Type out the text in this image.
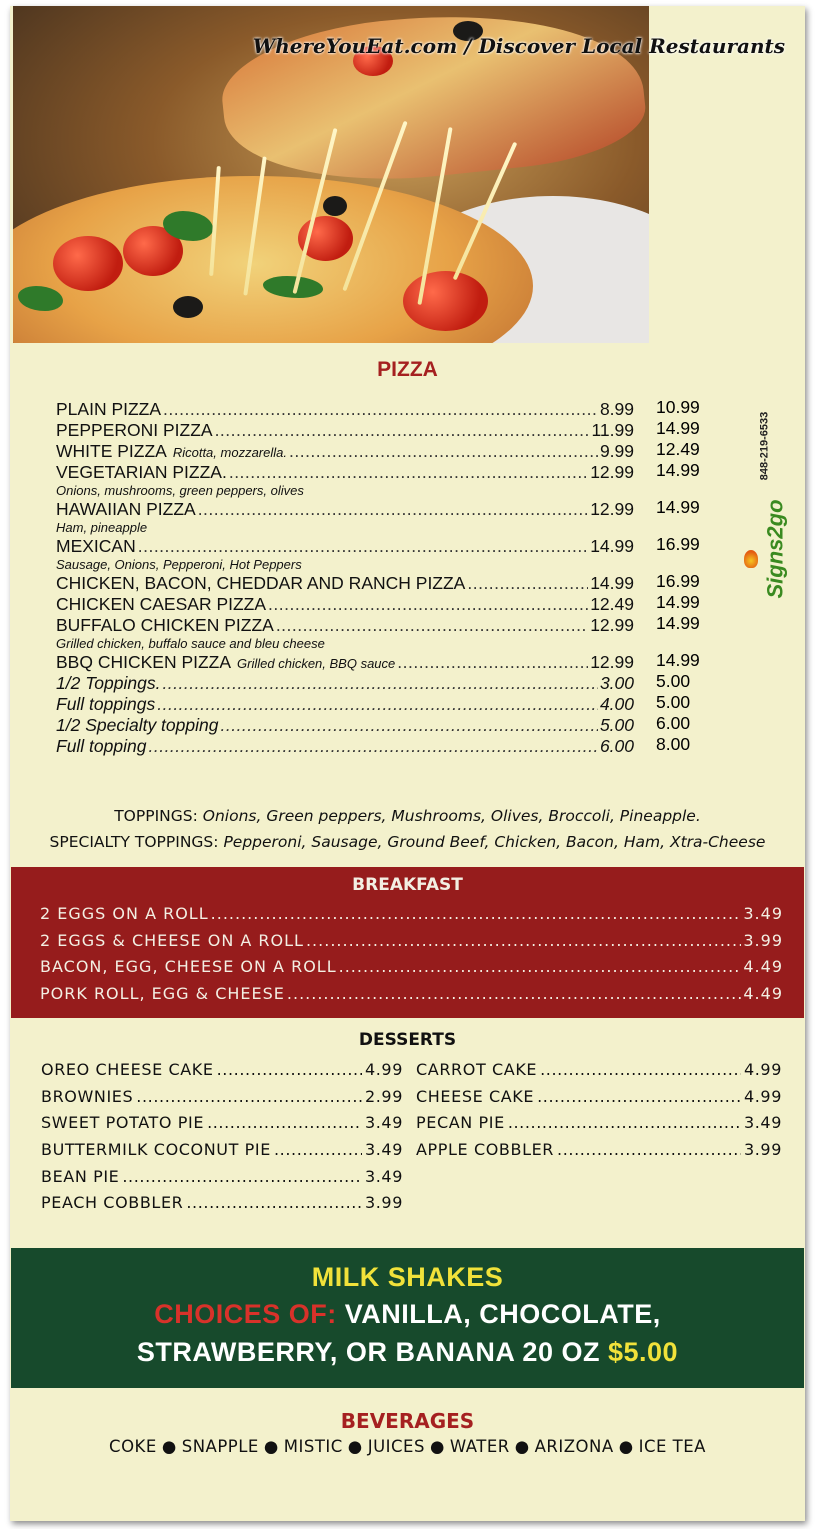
WhereYouEat.com / Discover Local Restaurants
PIZZA
PLAIN PIZZA .....	8.99 10.99
PEPPERONI PIZZA .....	11.99 14.99
WHITE PIZZA Ricotta, mozzarella. .....	9.99 12.49
VEGETARIAN PIZZA. .....	12.99 14.99
Onions, mushrooms, green peppers, olives
HAWAIIAN PIZZA .....	12.99 14.99
Ham, pineapple
MEXICAN .....	14.99 16.99
Sausage, Onions, Pepperoni, Hot Peppers
CHICKEN, BACON, CHEDDAR AND RANCH PIZZA .....	14.99 16.99
CHICKEN CAESAR PIZZA .....	12.49 14.99
BUFFALO CHICKEN PIZZA .....	12.99 14.99
Grilled chicken, buffalo sauce and bleu cheese
BBQ CHICKEN PIZZA Grilled chicken, BBQ sauce .....	12.99 14.99
1/2 Toppings. .....	3.00 5.00
Full toppings .....	4.00 5.00
1/2 Specialty topping .....	5.00 6.00
Full topping .....	6.00 8.00
848-219-6533
Signs2go
TOPPINGS: Onions, Green peppers, Mushrooms, Olives, Broccoli, Pineapple.
SPECIALTY TOPPINGS: Pepperoni, Sausage, Ground Beef, Chicken, Bacon, Ham, Xtra-Cheese
BREAKFAST
2 EGGS ON A ROLL .....	3.49
2 EGGS & CHEESE ON A ROLL .....	3.99
BACON, EGG, CHEESE ON A ROLL .....	4.49
PORK ROLL, EGG & CHEESE .....	4.49
DESSERTS
OREO CHEESE CAKE .....	4.99
BROWNIES .....	2.99
SWEET POTATO PIE .....	3.49
BUTTERMILK COCONUT PIE .....	3.49
BEAN PIE .....	3.49
PEACH COBBLER .....	3.99
CARROT CAKE .....	4.99
CHEESE CAKE .....	4.99
PECAN PIE .....	3.49
APPLE COBBLER .....	3.99
MILK SHAKES
CHOICES OF: VANILLA, CHOCOLATE,
STRAWBERRY, OR BANANA 20 OZ $5.00
BEVERAGES
COKE ● SNAPPLE ● MISTIC ● JUICES ● WATER ● ARIZONA ● ICE TEA
